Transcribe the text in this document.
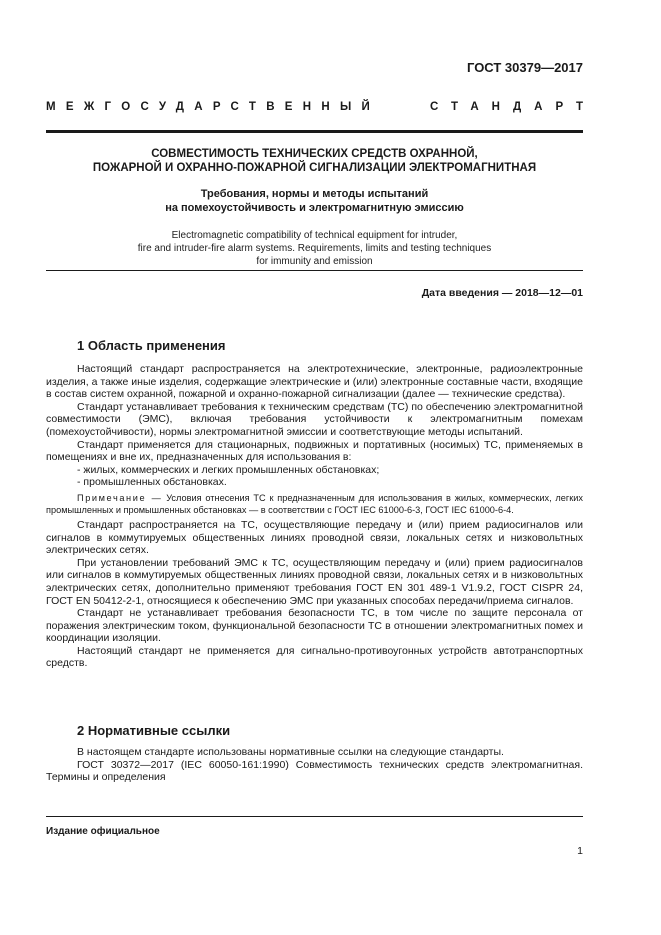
ГОСТ 30379—2017
МЕЖГОСУДАРСТВЕННЫЙ	СТАНДАРТ
СОВМЕСТИМОСТЬ ТЕХНИЧЕСКИХ СРЕДСТВ ОХРАННОЙ,
ПОЖАРНОЙ И ОХРАННО-ПОЖАРНОЙ СИГНАЛИЗАЦИИ ЭЛЕКТРОМАГНИТНАЯ
Требования, нормы и методы испытаний
на помехоустойчивость и электромагнитную эмиссию
Electromagnetic compatibility of technical equipment for intruder,
fire and intruder-fire alarm systems. Requirements, limits and testing techniques
for immunity and emission
Дата введения — 2018—12—01
1 Область применения

Настоящий стандарт распространяется на электротехнические, электронные, радиоэлектронные изделия, а также иные изделия, содержащие электрические и (или) электронные составные части, входящие в состав систем охранной, пожарной и охранно-пожарной сигнализации (далее — технические средства).

Стандарт устанавливает требования к техническим средствам (ТС) по обеспечению электромагнитной совместимости (ЭМС), включая требования устойчивости к электромагнитным помехам (помехоустойчивости), нормы электромагнитной эмиссии и соответствующие методы испытаний.

Стандарт применяется для стационарных, подвижных и портативных (носимых) ТС, применяемых в помещениях и вне их, предназначенных для использования в:

- жилых, коммерческих и легких промышленных обстановках;
- промышленных обстановках.
Примечание — Условия отнесения ТС к предназначенным для использования в жилых, коммерческих, легких промышленных и промышленных обстановках — в соответствии с ГОСТ IEC 61000-6-3, ГОСТ IEC 61000-6-4.

Стандарт распространяется на ТС, осуществляющие передачу и (или) прием радиосигналов или сигналов в коммутируемых общественных линиях проводной связи, локальных сетях и низковольтных электрических сетях.

При установлении требований ЭМС к ТС, осуществляющим передачу и (или) прием радиосигналов или сигналов в коммутируемых общественных линиях проводной связи, локальных сетях и в низковольтных электрических сетях, дополнительно применяют требования ГОСТ EN 301 489-1 V1.9.2, ГОСТ CISPR 24, ГОСТ EN 50412-2-1, относящиеся к обеспечению ЭМС при указанных способах передачи/приема сигналов.

Стандарт не устанавливает требования безопасности ТС, в том числе по защите персонала от поражения электрическим током, функциональной безопасности ТС в отношении электромагнитных помех и координации изоляции.

Настоящий стандарт не применяется для сигнально-противоугонных устройств автотранспортных средств.

2 Нормативные ссылки

В настоящем стандарте использованы нормативные ссылки на следующие стандарты.

ГОСТ 30372—2017 (IEC 60050-161:1990) Совместимость технических средств электромагнитная. Термины и определения

Издание официальное
1
